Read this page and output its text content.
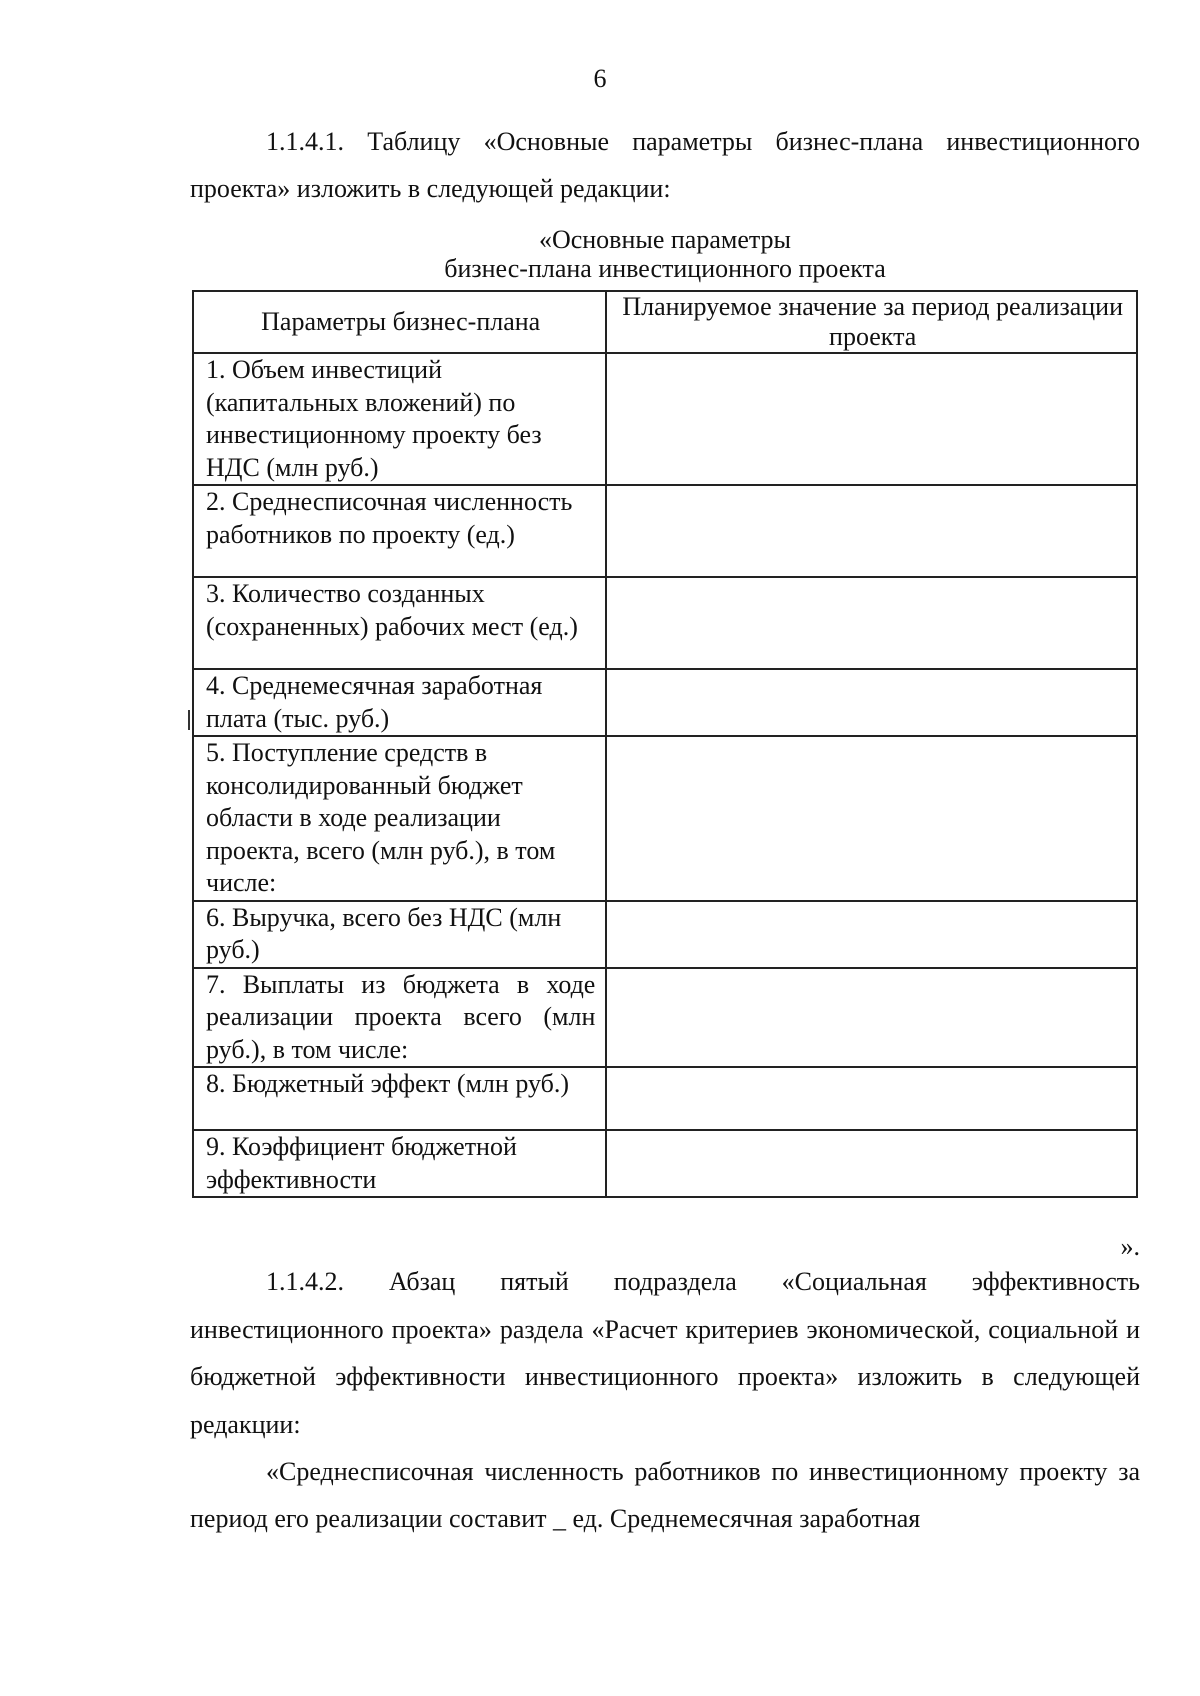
6
1.1.4.1. Таблицу «Основные параметры бизнес-плана инвестиционного проекта» изложить в следующей редакции:
«Основные параметры
бизнес-плана инвестиционного проекта
Параметры бизнес-плана	Планируемое значение за период реализации проекта
1. Объем инвестиций (капитальных вложений) по инвестиционному проекту без НДС (млн руб.)	
2. Среднесписочная численность работников по проекту (ед.)	
3. Количество созданных (сохраненных) рабочих мест (ед.)	
4. Среднемесячная заработная плата (тыс. руб.)	
5. Поступление средств в консолидированный бюджет области в ходе реализации проекта, всего (млн руб.), в том числе:	
6. Выручка, всего без НДС (млн руб.)	
7. Выплаты из бюджета в ходе реализации проекта всего (млн руб.), в том числе:	
8. Бюджетный эффект (млн руб.)	
9. Коэффициент бюджетной эффективности	
».
1.1.4.2. Абзац пятый подраздела «Социальная эффективность инвестиционного проекта» раздела «Расчет критериев экономической, социальной и бюджетной эффективности инвестиционного проекта» изложить в следующей редакции:
«Среднесписочная численность работников по инвестиционному проекту за период его реализации составит _ ед. Среднемесячная заработная
